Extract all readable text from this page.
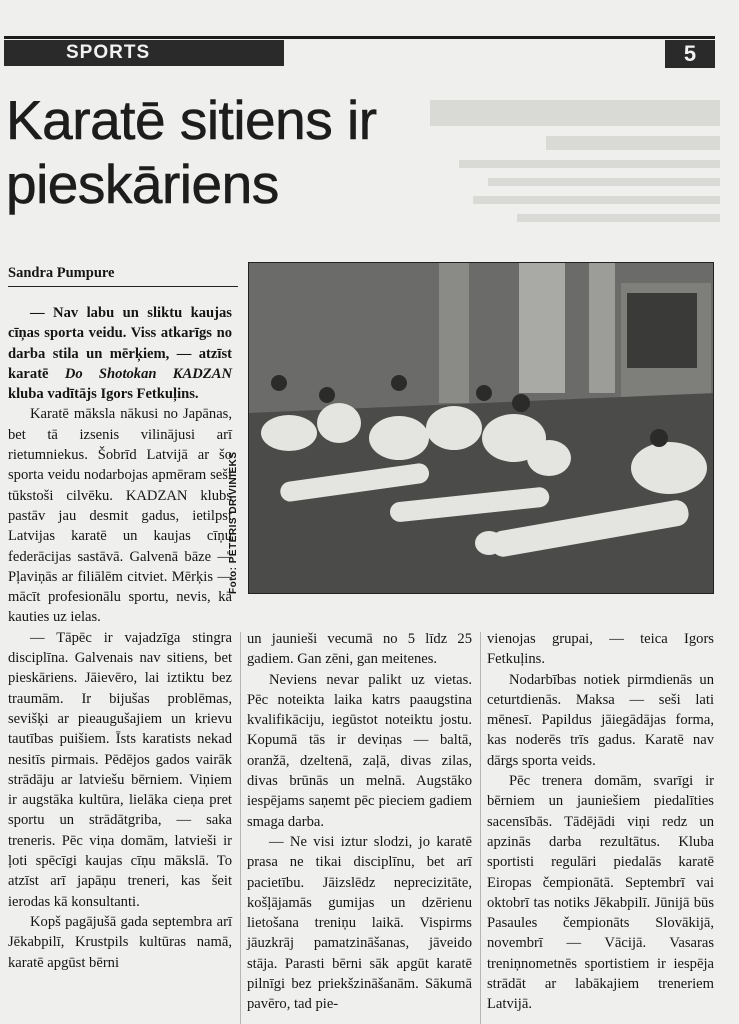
SPORTS	5
Karatē sitiens ir pieskāriens
Sandra Pumpure

— Nav labu un sliktu kaujas cīņas sporta veidu. Viss atkarīgs no darba stila un mērķiem, — atzīst karatē Do Shotokan KADZAN kluba vadītājs Igors Fetkuļins.

Karatē māksla nākusi no Japānas, bet tā izsenis vilinājusi arī rietumniekus. Šobrīd Latvijā ar šo sporta veidu nodarbojas apmēram seši tūkstoši cilvēku. KADZAN klubs pastāv jau desmit gadus, ietilpst Latvijas karatē un kaujas cīņu federācijas sastāvā. Galvenā bāze — Pļaviņās ar filiālēm citviet. Mērķis — mācīt profesionālu sportu, nevis, kā kauties uz ielas.

— Tāpēc ir vajadzīga stingra disciplīna. Galvenais nav sitiens, bet pieskāriens. Jāievēro, lai iztiktu bez traumām. Ir bijušas problēmas, sevišķi ar pieaugušajiem un krievu tautības puišiem. Īsts karatists nekad nesitīs pirmais. Pēdējos gados vairāk strādāju ar latviešu bērniem. Viņiem ir augstāka kultūra, lielāka cieņa pret sportu un strādātgriba, — saka treneris. Pēc viņa domām, latvieši ir ļoti spēcīgi kaujas cīņu mākslā. To atzīst arī japāņu treneri, kas šeit ierodas kā konsultanti.

Kopš pagājušā gada septembra arī Jēkabpilī, Krustpils kultūras namā, karatē apgūst bērni

Foto: PĒTERIS DRIVINIEKS

un jaunieši vecumā no 5 līdz 25 gadiem. Gan zēni, gan meitenes.

Neviens nevar palikt uz vietas. Pēc noteikta laika katrs paaugstina kvalifikāciju, iegūstot noteiktu jostu. Kopumā tās ir deviņas — baltā, oranžā, dzeltenā, zaļā, divas zilas, divas brūnās un melnā. Augstāko iespējams saņemt pēc pieciem gadiem smaga darba.

— Ne visi iztur slodzi, jo karatē prasa ne tikai disciplīnu, bet arī pacietību. Jāizslēdz neprecizitāte, košļājamās gumijas un dzērienu lietošana treniņu laikā. Vispirms jāuzkrāj pamatzināšanas, jāveido stāja. Parasti bērni sāk apgūt karatē pilnīgi bez priekšzināšanām. Sākumā pavēro, tad pie-

vienojas grupai, — teica Igors Fetkuļins.

Nodarbības notiek pirmdienās un ceturtdienās. Maksa — seši lati mēnesī. Papildus jāiegādājas forma, kas noderēs trīs gadus. Karatē nav dārgs sporta veids.

Pēc trenera domām, svarīgi ir bērniem un jauniešiem piedalīties sacensībās. Tādējādi viņi redz un apzinās darba rezultātus. Kluba sportisti regulāri piedalās karatē Eiropas čempionātā. Septembrī vai oktobrī tas notiks Jēkabpilī. Jūnijā būs Pasaules čempionāts Slovākijā, novembrī — Vācijā. Vasaras treniņnometnēs sportistiem ir iespēja strādāt ar labākajiem treneriem Latvijā.
